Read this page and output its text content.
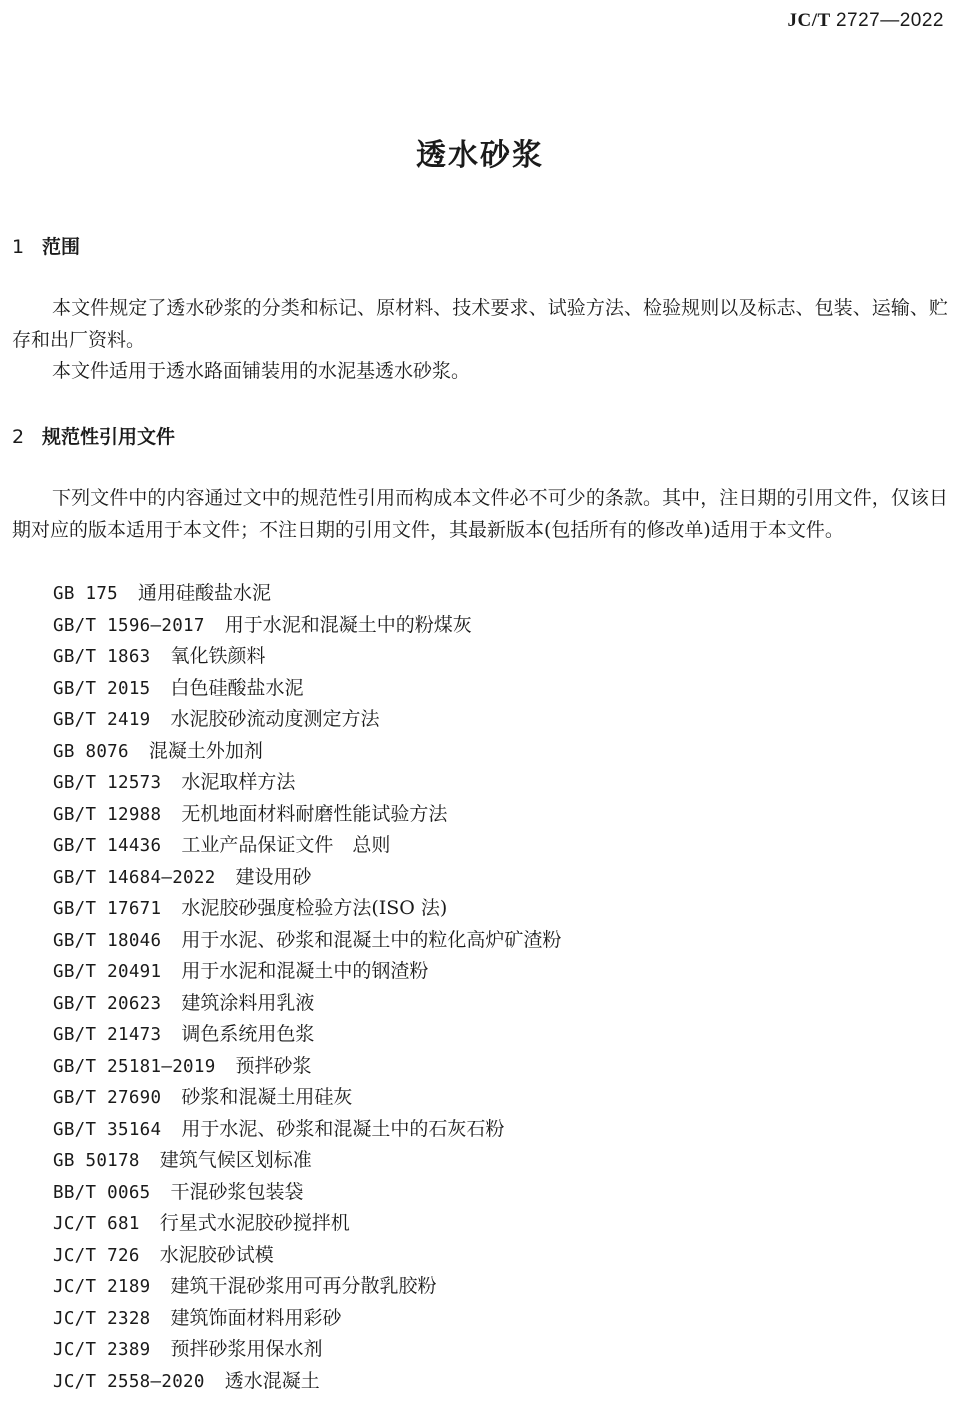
JC/T 2727—2022
透水砂浆
1 范围

本文件规定了透水砂浆的分类和标记、原材料、技术要求、试验方法、检验规则以及标志、包装、运输、贮存和出厂资料。

本文件适用于透水路面铺装用的水泥基透水砂浆。

2 规范性引用文件

下列文件中的内容通过文中的规范性引用而构成本文件必不可少的条款。其中，注日期的引用文件，仅该日期对应的版本适用于本文件；不注日期的引用文件，其最新版本(包括所有的修改单)适用于本文件。

GB 175 通用硅酸盐水泥
GB/T 1596—2017 用于水泥和混凝土中的粉煤灰
GB/T 1863 氧化铁颜料
GB/T 2015 白色硅酸盐水泥
GB/T 2419 水泥胶砂流动度测定方法
GB 8076 混凝土外加剂
GB/T 12573 水泥取样方法
GB/T 12988 无机地面材料耐磨性能试验方法
GB/T 14436 工业产品保证文件　总则
GB/T 14684—2022 建设用砂
GB/T 17671 水泥胶砂强度检验方法(ISO 法)
GB/T 18046 用于水泥、砂浆和混凝土中的粒化高炉矿渣粉
GB/T 20491 用于水泥和混凝土中的钢渣粉
GB/T 20623 建筑涂料用乳液
GB/T 21473 调色系统用色浆
GB/T 25181—2019 预拌砂浆
GB/T 27690 砂浆和混凝土用硅灰
GB/T 35164 用于水泥、砂浆和混凝土中的石灰石粉
GB 50178 建筑气候区划标准
BB/T 0065 干混砂浆包装袋
JC/T 681 行星式水泥胶砂搅拌机
JC/T 726 水泥胶砂试模
JC/T 2189 建筑干混砂浆用可再分散乳胶粉
JC/T 2328 建筑饰面材料用彩砂
JC/T 2389 预拌砂浆用保水剂
JC/T 2558—2020 透水混凝土
